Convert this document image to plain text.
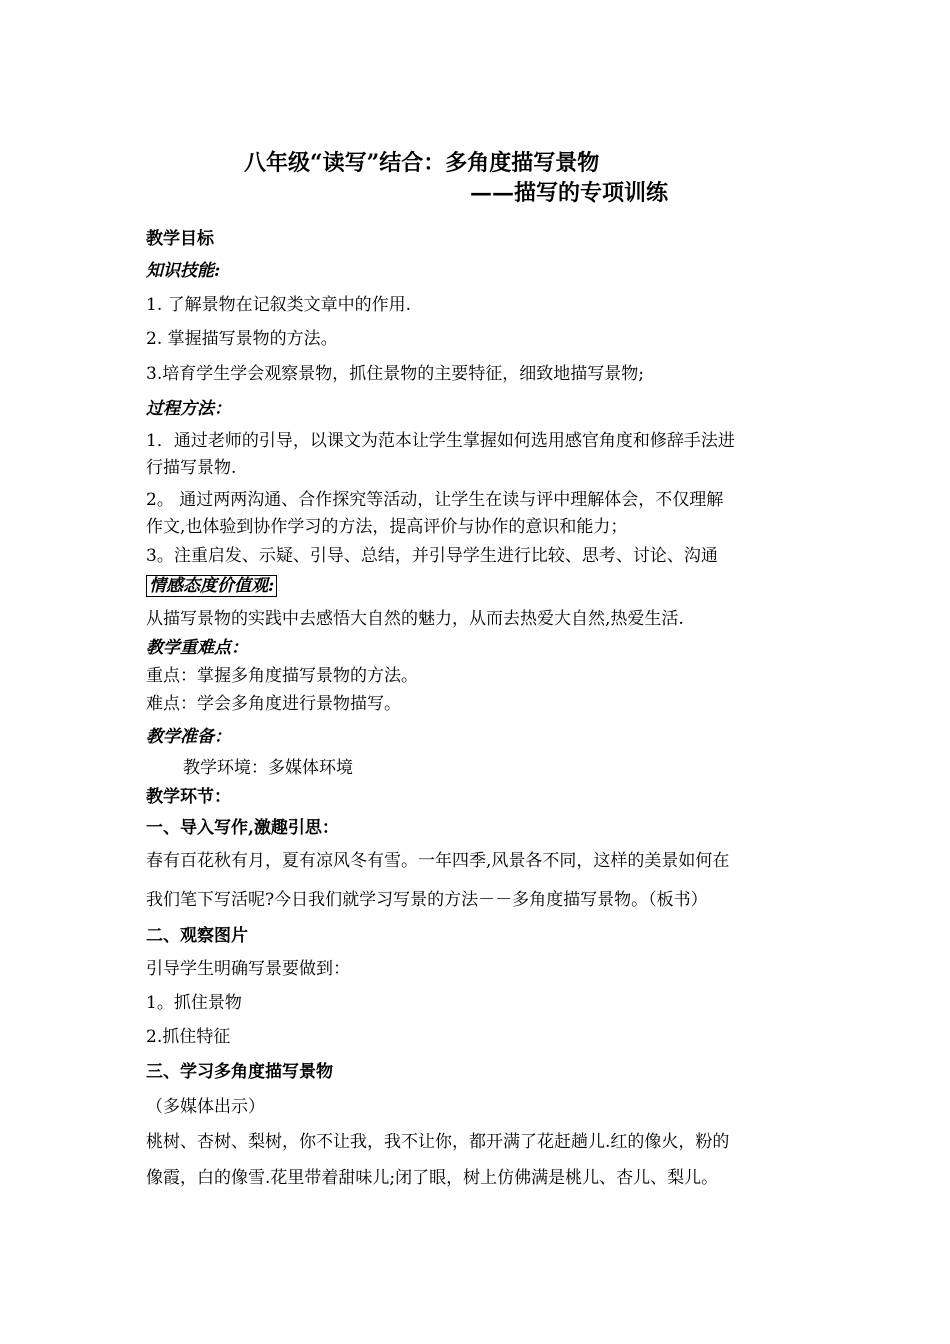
八年级“读写”结合：多角度描写景物
——描写的专项训练
教学目标
知识技能:
1. 了解景物在记叙类文章中的作用.
2. 掌握描写景物的方法。
3.培育学生学会观察景物，抓住景物的主要特征，细致地描写景物;
过程方法：
1．通过老师的引导，以课文为范本让学生掌握如何选用感官角度和修辞手法进
行描写景物.
2。 通过两两沟通、合作探究等活动，让学生在读与评中理解体会，不仅理解
作文,也体验到协作学习的方法，提高评价与协作的意识和能力；
3。注重启发、示疑、引导、总结，并引导学生进行比较、思考、讨论、沟通
情感态度价值观:
从描写景物的实践中去感悟大自然的魅力，从而去热爱大自然,热爱生活.
教学重难点：
重点：掌握多角度描写景物的方法。
难点：学会多角度进行景物描写。
教学准备：
教学环境：多媒体环境
教学环节：
一、导入写作,激趣引思：
春有百花秋有月，夏有凉风冬有雪。一年四季,风景各不同，这样的美景如何在
我们笔下写活呢?今日我们就学习写景的方法－－多角度描写景物。（板书）
二、观察图片
引导学生明确写景要做到：
1。抓住景物
2.抓住特征
三、学习多角度描写景物
（多媒体出示）
桃树、杏树、梨树，你不让我，我不让你，都开满了花赶趟儿.红的像火，粉的
像霞，白的像雪.花里带着甜味儿;闭了眼，树上仿佛满是桃儿、杏儿、梨儿。
